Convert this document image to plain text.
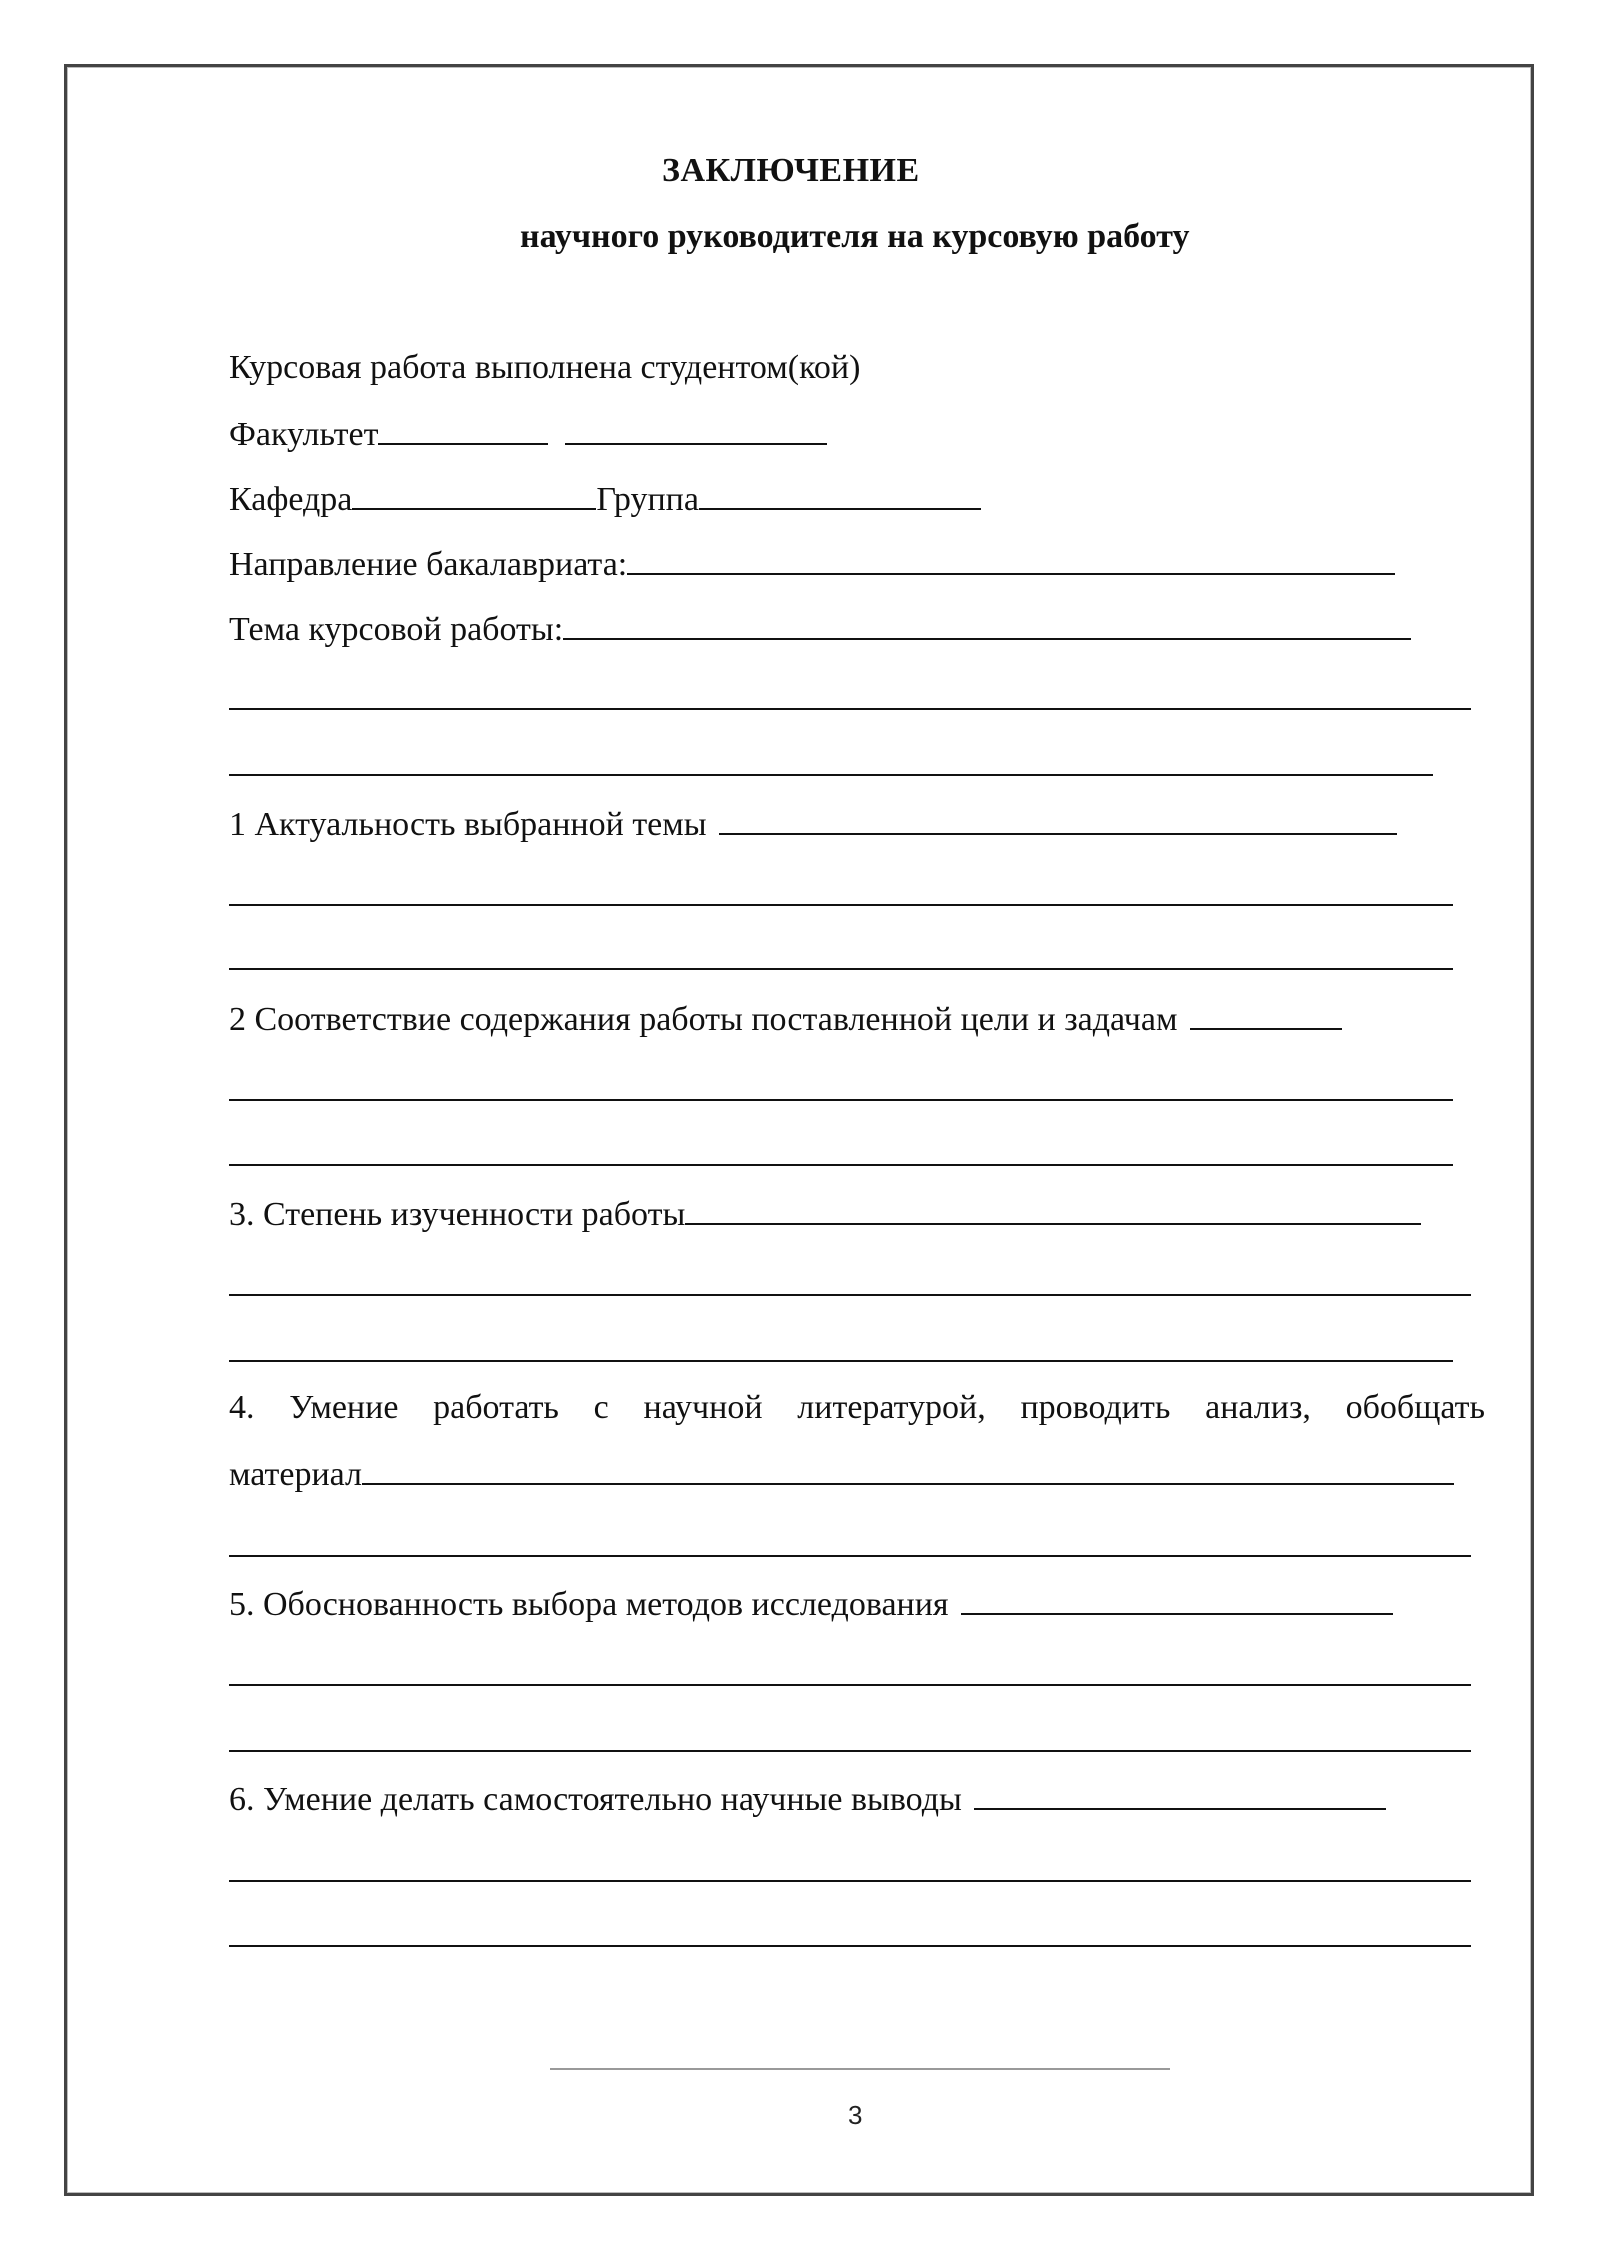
ЗАКЛЮЧЕНИЕ
научного руководителя на курсовую работу
Курсовая работа выполнена студентом(кой)
Факультет
Кафедра	Группа
Направление бакалавриата:
Тема курсовой работы:
1 Актуальность выбранной темы
2 Соответствие содержания работы поставленной цели и задачам
3. Степень изученности работы
4. Умение работать с научной литературой, проводить анализ, обобщать
материал
5. Обоснованность выбора методов исследования
6. Умение делать самостоятельно научные выводы
3
